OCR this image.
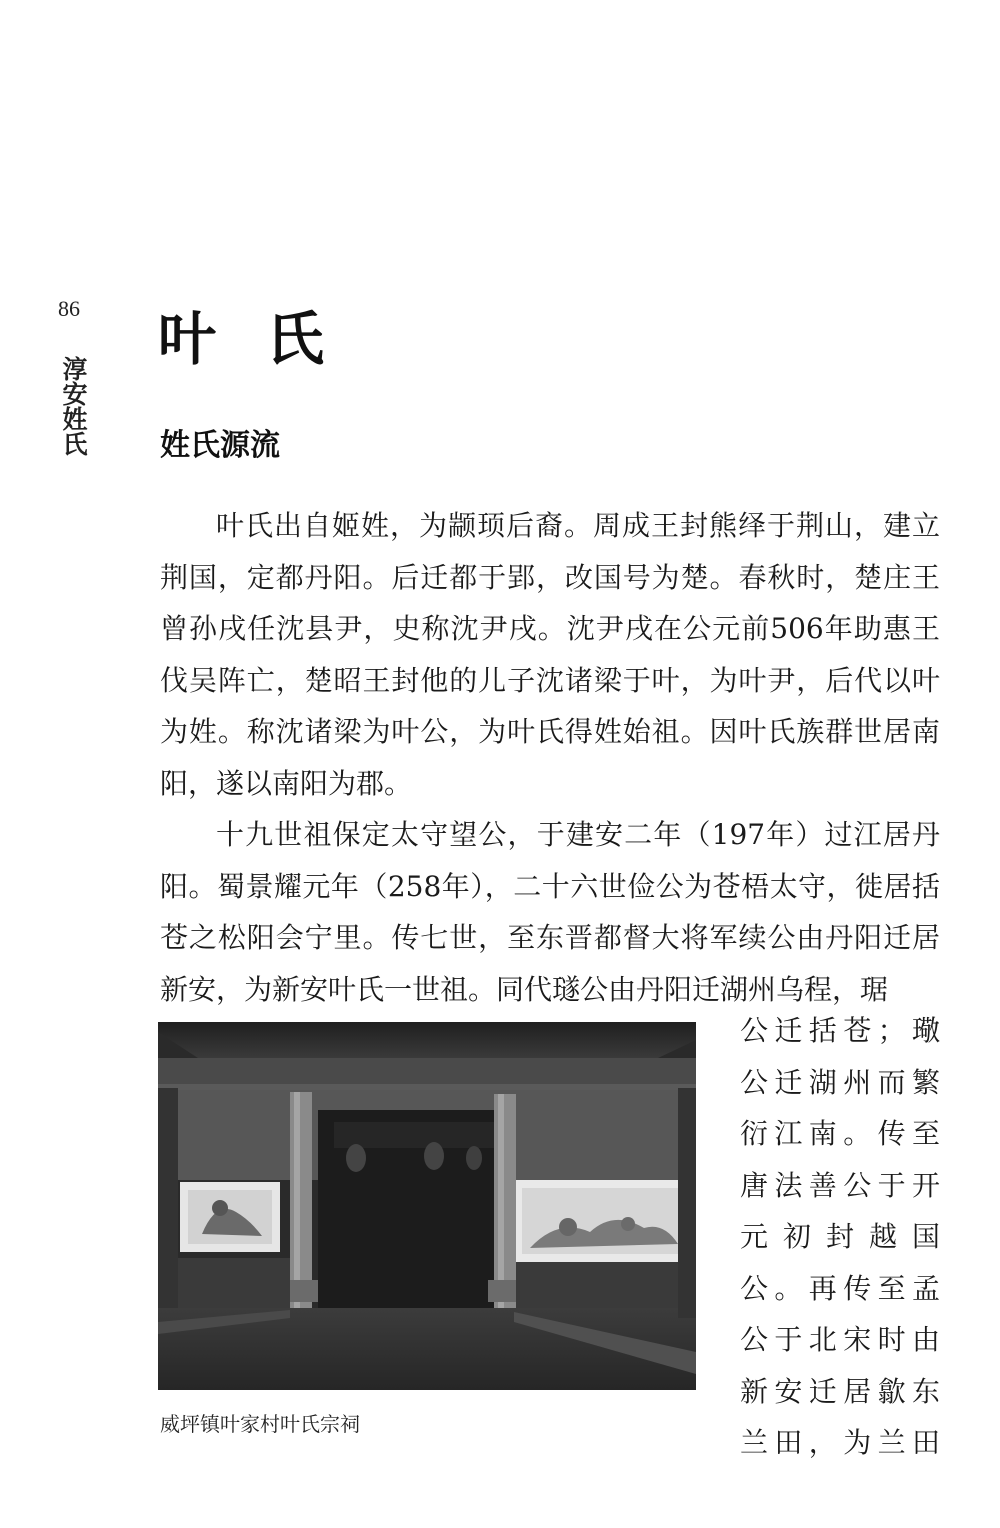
86
淳安姓氏
叶氏
姓氏源流

叶氏出自姬姓，为颛顼后裔。周成王封熊绎于荆山，建立荆国，定都丹阳。后迁都于郢，改国号为楚。春秋时，楚庄王曾孙戌任沈县尹，史称沈尹戌。沈尹戌在公元前506年助惠王伐吴阵亡，楚昭王封他的儿子沈诸梁于叶，为叶尹，后代以叶为姓。称沈诸梁为叶公，为叶氏得姓始祖。因叶氏族群世居南阳，遂以南阳为郡。

十九世祖保定太守望公，于建安二年（197年）过江居丹阳。蜀景耀元年（258年），二十六世俭公为苍梧太守，徙居括苍之松阳会宁里。传七世，至东晋都督大将军续公由丹阳迁居新安，为新安叶氏一世祖。同代璲公由丹阳迁湖州乌程，琚

公迁括苍；璥
公迁湖州而繁
衍江南。传至
唐法善公于开
元初封越国
公。再传至孟
公于北宋时由
新安迁居歙东
兰田，为兰田
威坪镇叶家村叶氏宗祠
